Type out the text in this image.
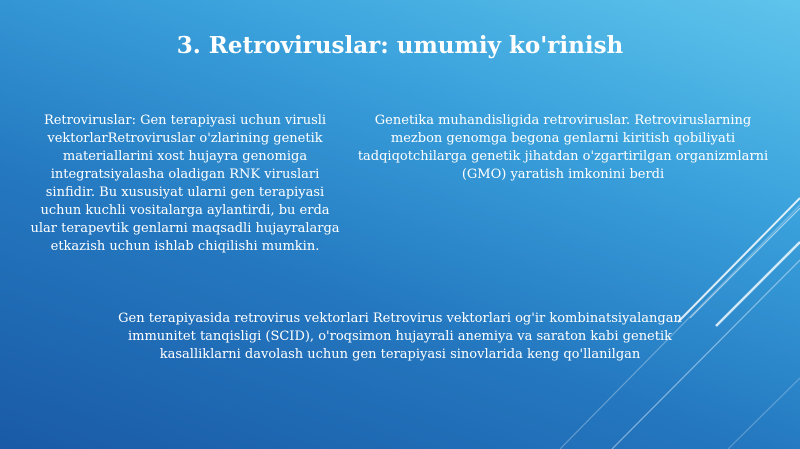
3. Retroviruslar: umumiy ko'rinish
Retroviruslar: Gen terapiyasi uchun virusli vektorlarRetroviruslar o'zlarining genetik materiallarini xost hujayra genomiga integratsiyalasha oladigan RNK viruslari sinfidir. Bu xususiyat ularni gen terapiyasi uchun kuchli vositalarga aylantirdi, bu erda ular terapevtik genlarni maqsadli hujayralarga etkazish uchun ishlab chiqilishi mumkin.
Genetika muhandisligida retroviruslar. Retroviruslarning mezbon genomga begona genlarni kiritish qobiliyati tadqiqotchilarga genetik jihatdan o'zgartirilgan organizmlarni (GMO) yaratish imkonini berdi
Gen terapiyasida retrovirus vektorlari Retrovirus vektorlari og'ir kombinatsiyalangan immunitet tanqisligi (SCID), o'roqsimon hujayrali anemiya va saraton kabi genetik kasalliklarni davolash uchun gen terapiyasi sinovlarida keng qo'llanilgan
